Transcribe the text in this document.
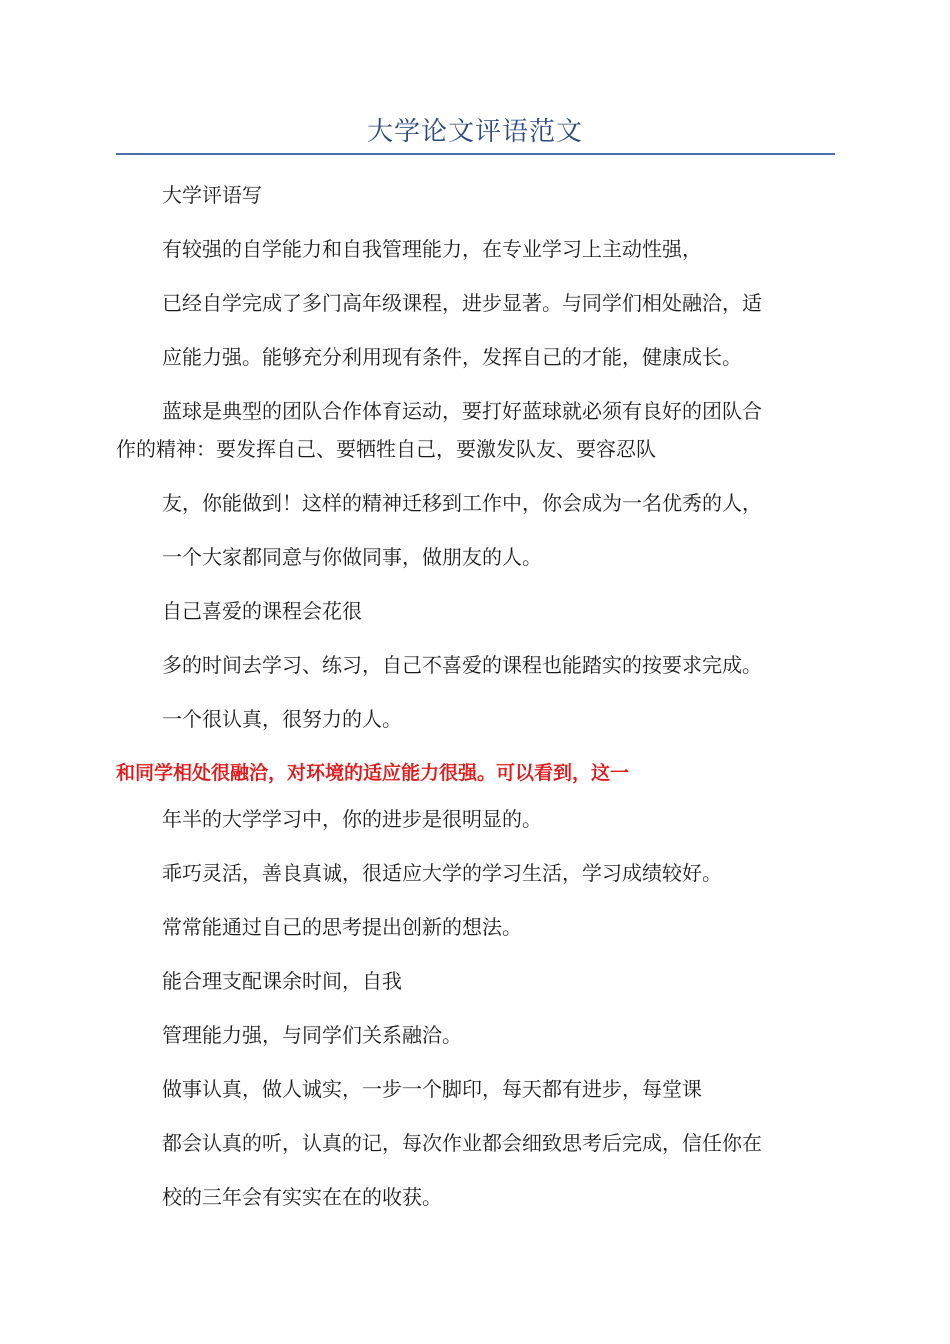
大学论文评语范文
大学评语写
有较强的自学能力和自我管理能力，在专业学习上主动性强，
已经自学完成了多门高年级课程，进步显著。与同学们相处融洽，适
应能力强。能够充分利用现有条件，发挥自己的才能，健康成长。
蓝球是典型的团队合作体育运动，要打好蓝球就必须有良好的团队合
作的精神：要发挥自己、要牺牲自己，要激发队友、要容忍队
友，你能做到！这样的精神迁移到工作中，你会成为一名优秀的人，
一个大家都同意与你做同事，做朋友的人。
自己喜爱的课程会花很
多的时间去学习、练习，自己不喜爱的课程也能踏实的按要求完成。
一个很认真，很努力的人。
和同学相处很融洽，对环境的适应能力很强。可以看到，这一
年半的大学学习中，你的进步是很明显的。
乖巧灵活，善良真诚，很适应大学的学习生活，学习成绩较好。
常常能通过自己的思考提出创新的想法。
能合理支配课余时间，自我
管理能力强，与同学们关系融洽。
做事认真，做人诚实，一步一个脚印，每天都有进步，每堂课
都会认真的听，认真的记，每次作业都会细致思考后完成，信任你在
校的三年会有实实在在的收获。
